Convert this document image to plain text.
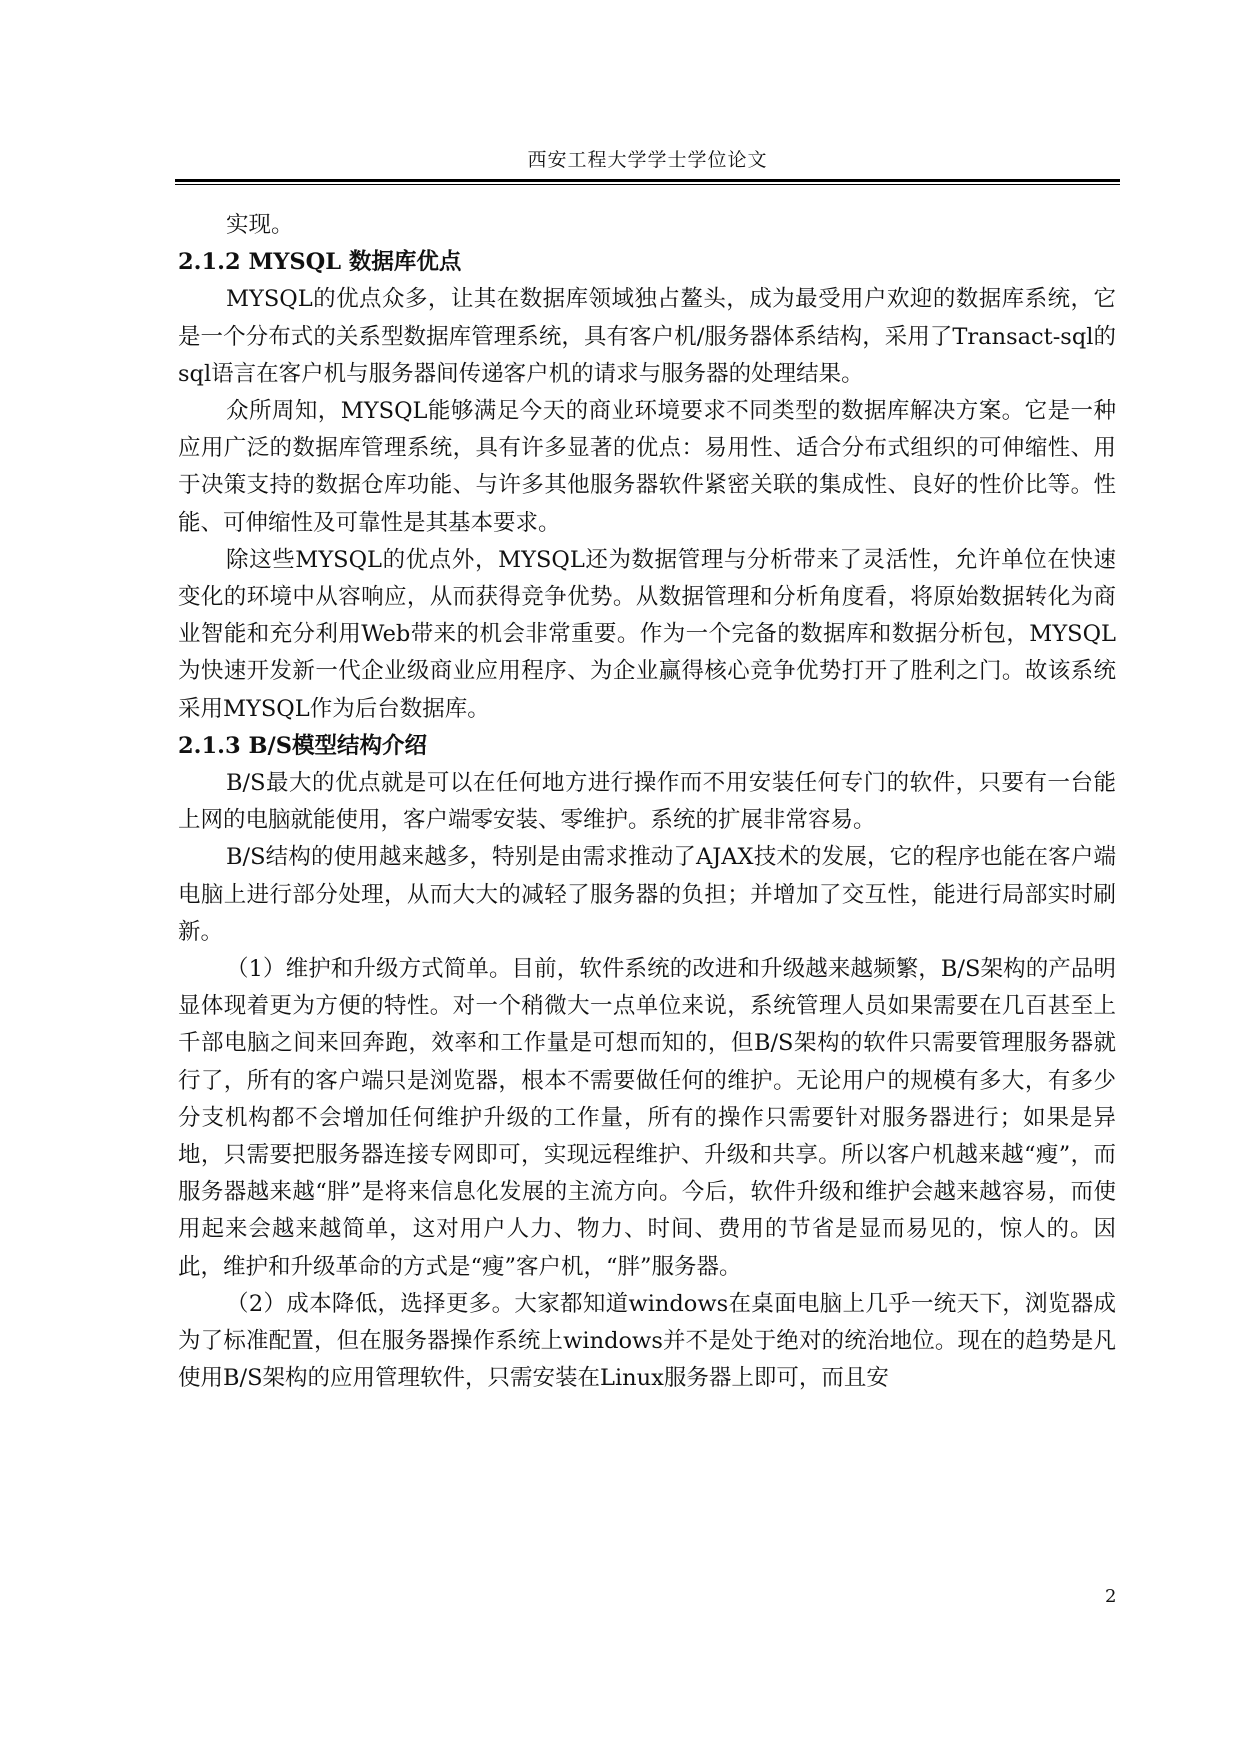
西安工程大学学士学位论文

实现。

2.1.2 MYSQL 数据库优点

MYSQL的优点众多，让其在数据库领域独占鳌头，成为最受用户欢迎的数据库系统，它是一个分布式的关系型数据库管理系统，具有客户机/服务器体系结构，采用了Transact-sql的sql语言在客户机与服务器间传递客户机的请求与服务器的处理结果。

众所周知，MYSQL能够满足今天的商业环境要求不同类型的数据库解决方案。它是一种应用广泛的数据库管理系统，具有许多显著的优点：易用性、适合分布式组织的可伸缩性、用于决策支持的数据仓库功能、与许多其他服务器软件紧密关联的集成性、良好的性价比等。性能、可伸缩性及可靠性是其基本要求。

除这些MYSQL的优点外，MYSQL还为数据管理与分析带来了灵活性，允许单位在快速变化的环境中从容响应，从而获得竞争优势。从数据管理和分析角度看，将原始数据转化为商业智能和充分利用Web带来的机会非常重要。作为一个完备的数据库和数据分析包，MYSQL为快速开发新一代企业级商业应用程序、为企业赢得核心竞争优势打开了胜利之门。故该系统采用MYSQL作为后台数据库。

2.1.3 B/S模型结构介绍

B/S最大的优点就是可以在任何地方进行操作而不用安装任何专门的软件，只要有一台能上网的电脑就能使用，客户端零安装、零维护。系统的扩展非常容易。

B/S结构的使用越来越多，特别是由需求推动了AJAX技术的发展，它的程序也能在客户端电脑上进行部分处理，从而大大的减轻了服务器的负担；并增加了交互性，能进行局部实时刷新。

（1）维护和升级方式简单。目前，软件系统的改进和升级越来越频繁，B/S架构的产品明显体现着更为方便的特性。对一个稍微大一点单位来说，系统管理人员如果需要在几百甚至上千部电脑之间来回奔跑，效率和工作量是可想而知的，但B/S架构的软件只需要管理服务器就行了，所有的客户端只是浏览器，根本不需要做任何的维护。无论用户的规模有多大，有多少分支机构都不会增加任何维护升级的工作量，所有的操作只需要针对服务器进行；如果是异地，只需要把服务器连接专网即可，实现远程维护、升级和共享。所以客户机越来越“瘦”，而服务器越来越“胖”是将来信息化发展的主流方向。今后，软件升级和维护会越来越容易，而使用起来会越来越简单，这对用户人力、物力、时间、费用的节省是显而易见的，惊人的。因此，维护和升级革命的方式是“瘦”客户机，“胖”服务器。

（2）成本降低，选择更多。大家都知道windows在桌面电脑上几乎一统天下，浏览器成为了标准配置，但在服务器操作系统上windows并不是处于绝对的统治地位。现在的趋势是凡使用B/S架构的应用管理软件，只需安装在Linux服务器上即可，而且安

2
